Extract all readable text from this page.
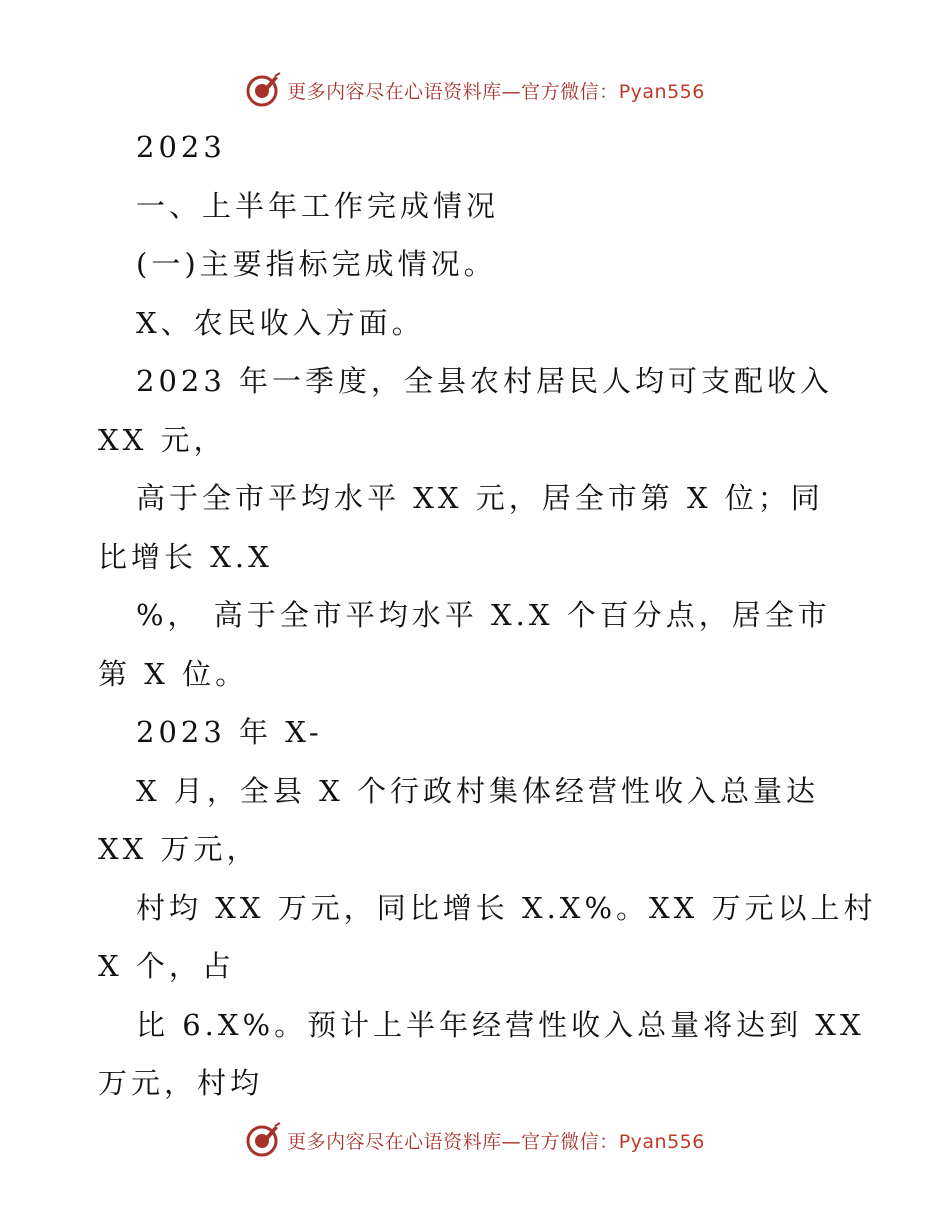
更多内容尽在心语资料库—官方微信：Pyan556
2023
一、上半年工作完成情况
(一)主要指标完成情况。
X、农民收入方面。
2023 年一季度，全县农村居民人均可支配收入
XX 元，
高于全市平均水平 XX 元，居全市第 X 位；同
比增长 X.X
%， 高于全市平均水平 X.X 个百分点，居全市
第 X 位。
2023 年 X-
X 月，全县 X 个行政村集体经营性收入总量达
XX 万元，
村均 XX 万元，同比增长 X.X%。XX 万元以上村
X 个，占
比 6.X%。预计上半年经营性收入总量将达到 XX
万元，村均
更多内容尽在心语资料库—官方微信：Pyan556
